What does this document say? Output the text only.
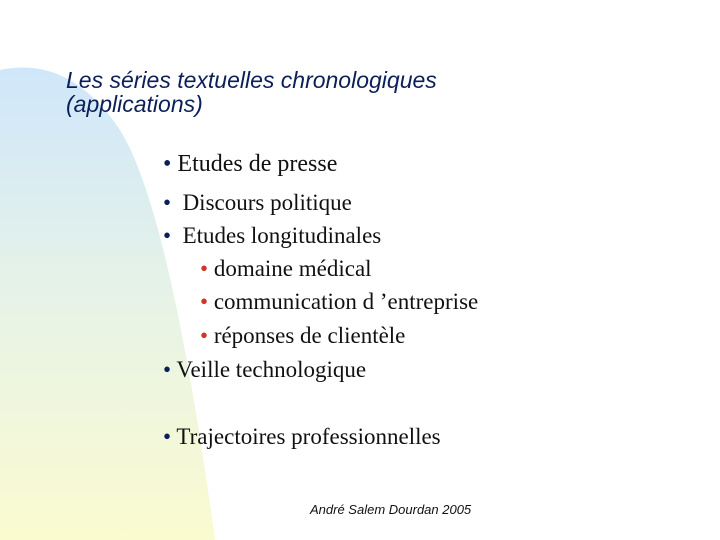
Les séries textuelles chronologiques
(applications)
• Etudes de presse
• Discours politique
• Etudes longitudinales
• domaine médical
• communication d ’entreprise
• réponses de clientèle
• Veille technologique
• Trajectoires professionnelles
André Salem Dourdan 2005
